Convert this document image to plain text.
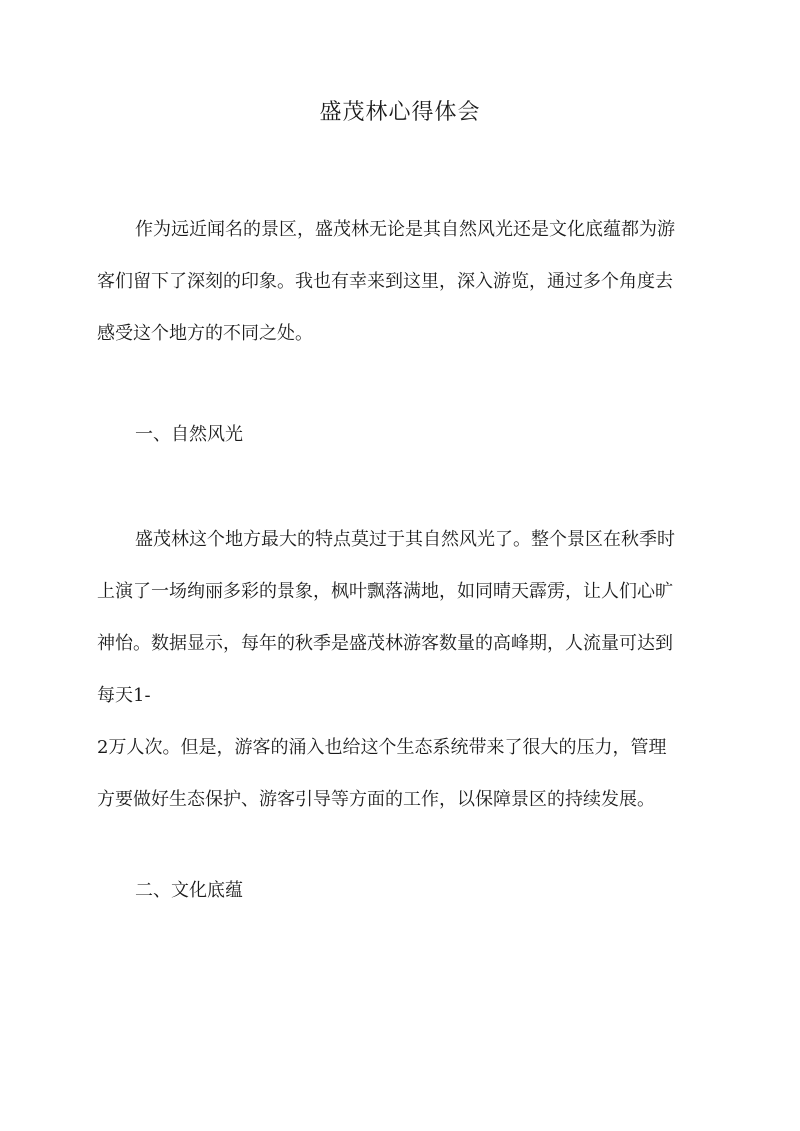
盛茂林心得体会
作为远近闻名的景区，盛茂林无论是其自然风光还是文化底蕴都为游
客们留下了深刻的印象。我也有幸来到这里，深入游览，通过多个角度去
感受这个地方的不同之处。
一、自然风光
盛茂林这个地方最大的特点莫过于其自然风光了。整个景区在秋季时
上演了一场绚丽多彩的景象，枫叶飘落满地，如同晴天霹雳，让人们心旷
神怡。数据显示，每年的秋季是盛茂林游客数量的高峰期，人流量可达到
每天1-
2万人次。但是，游客的涌入也给这个生态系统带来了很大的压力，管理
方要做好生态保护、游客引导等方面的工作，以保障景区的持续发展。
二、文化底蕴
